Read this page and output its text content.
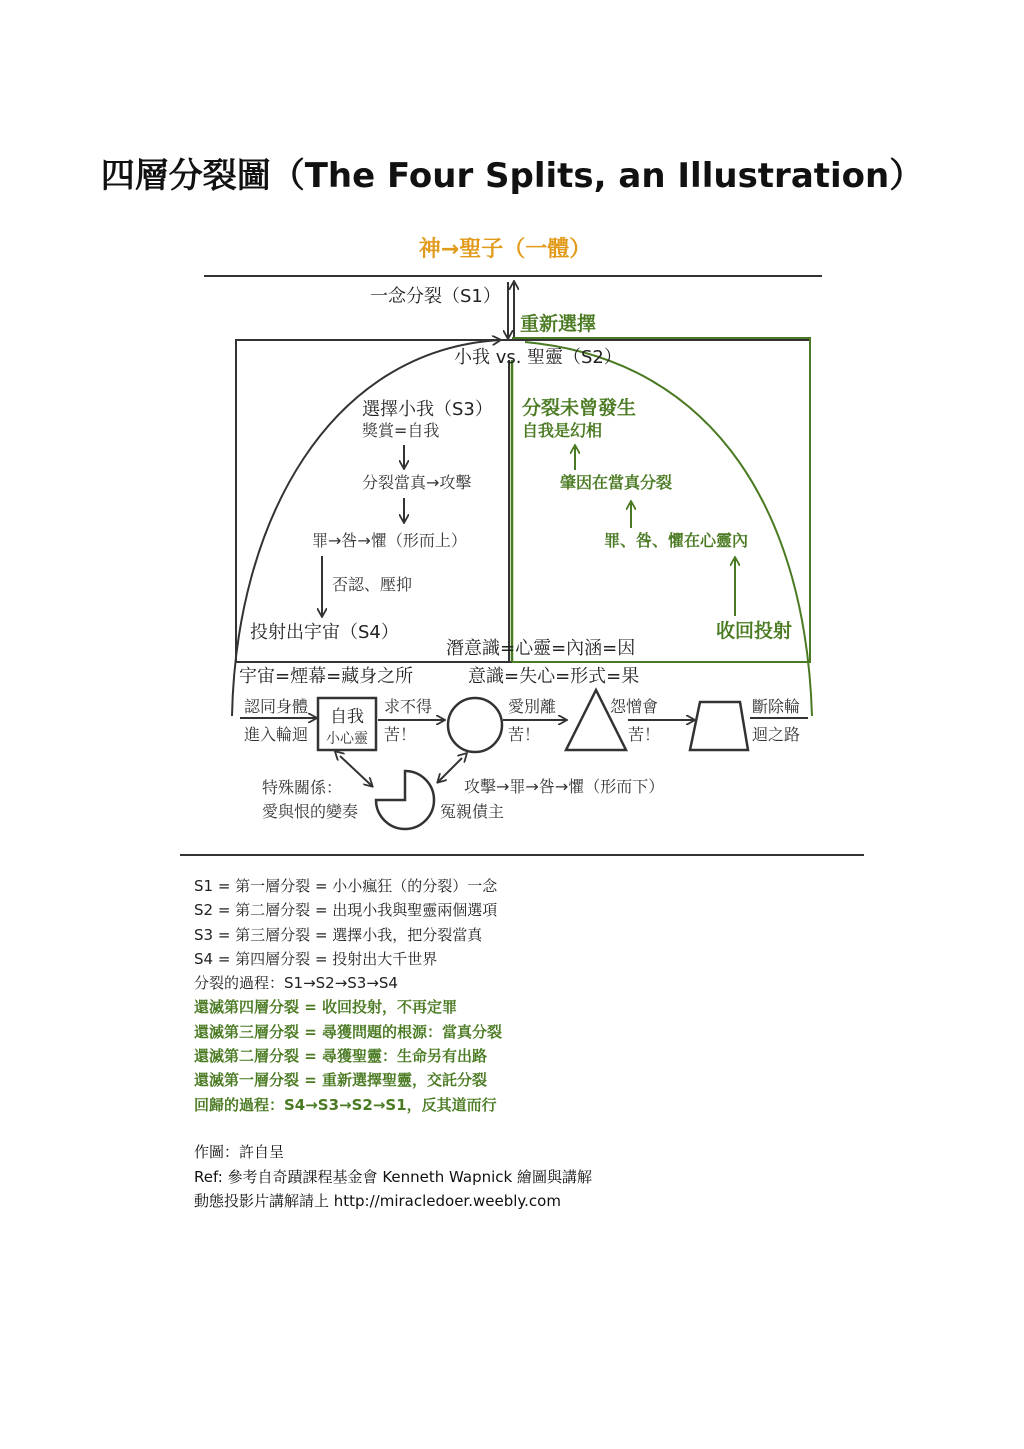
四層分裂圖（The Four Splits, an Illustration）
神→聖子（一體）
一念分裂（S1）
重新選擇
小我 vs. 聖靈（S2）
選擇小我（S3）
獎賞=自我
分裂當真→攻擊
罪→咎→懼（形而上）
否認、壓抑
投射出宇宙（S4）
分裂未曾發生
自我是幻相
肇因在當真分裂
罪、咎、懼在心靈內
收回投射
潛意識=心靈=內涵=因
宇宙=煙幕=藏身之所	意識=失心=形式=果
認同身體
進入輪迴
自我
小心靈
求不得
苦！
愛別離
苦！
怨憎會
苦！
斷除輪
迴之路
特殊關係：
愛與恨的變奏
攻擊→罪→咎→懼（形而下）
冤親債主
S1 = 第一層分裂 = 小小瘋狂（的分裂）一念
S2 = 第二層分裂 = 出現小我與聖靈兩個選項
S3 = 第三層分裂 = 選擇小我，把分裂當真
S4 = 第四層分裂 = 投射出大千世界
分裂的過程：S1→S2→S3→S4
還滅第四層分裂 = 收回投射，不再定罪
還滅第三層分裂 = 尋獲問題的根源：當真分裂
還滅第二層分裂 = 尋獲聖靈：生命另有出路
還滅第一層分裂 = 重新選擇聖靈，交託分裂
回歸的過程：S4→S3→S2→S1，反其道而行
作圖：許自呈
Ref: 參考自奇蹟課程基金會 Kenneth Wapnick 繪圖與講解
動態投影片講解請上 http://miracledoer.weebly.com
